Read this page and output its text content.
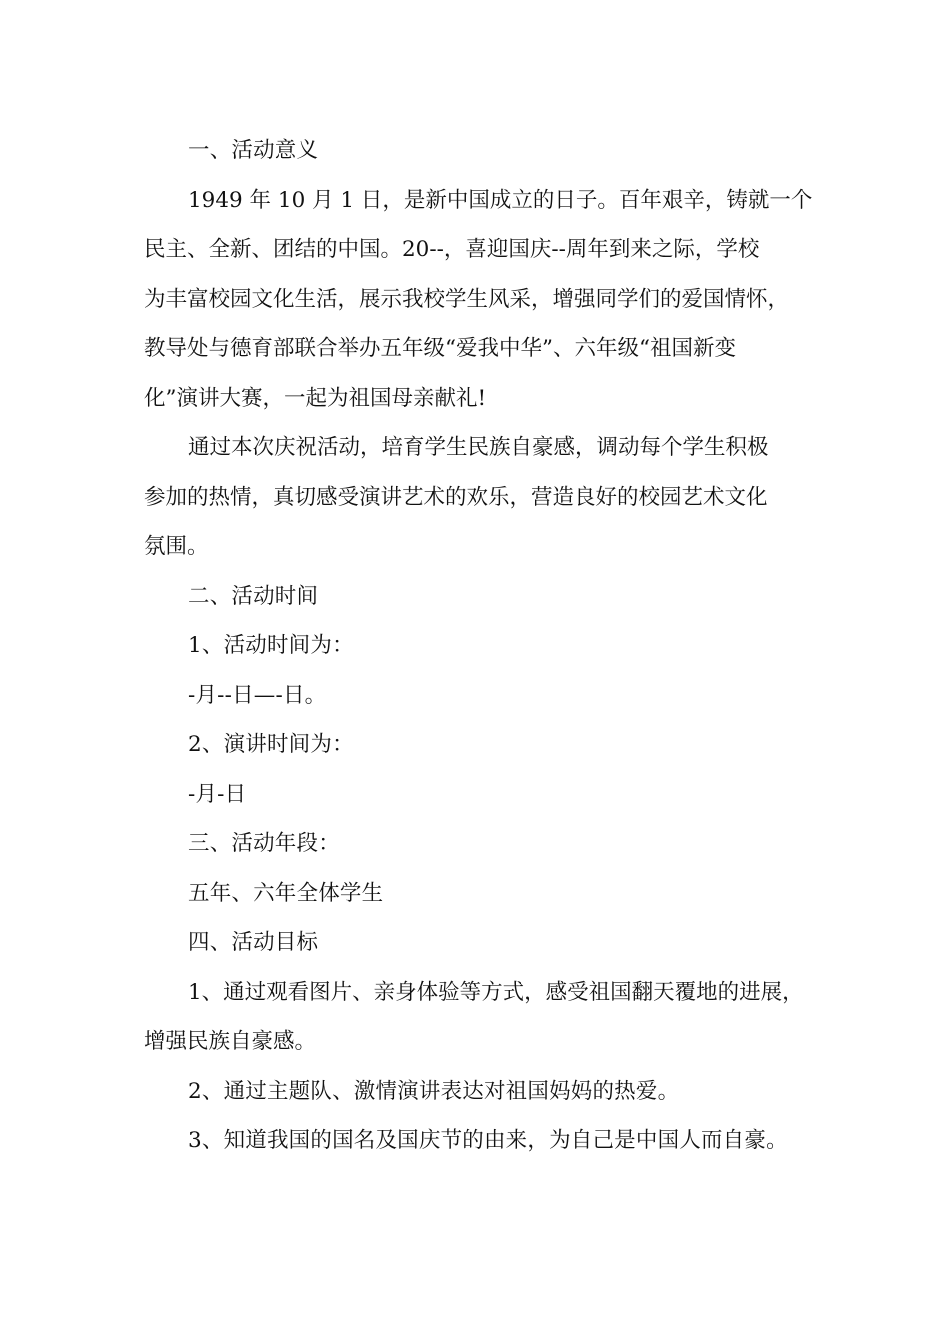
一、活动意义

1949 年 10 月 1 日，是新中国成立的日子。百年艰辛，铸就一个
民主、全新、团结的中国。20--，喜迎国庆--周年到来之际，学校
为丰富校园文化生活，展示我校学生风采，增强同学们的爱国情怀，
教导处与德育部联合举办五年级“爱我中华”、六年级“祖国新变
化”演讲大赛，一起为祖国母亲献礼!
通过本次庆祝活动，培育学生民族自豪感，调动每个学生积极
参加的热情，真切感受演讲艺术的欢乐，营造良好的校园艺术文化
氛围。

二、活动时间

1、活动时间为：

-月--日—-日。

2、演讲时间为：

-月-日

三、活动年段：

五年、六年全体学生

四、活动目标

1、通过观看图片、亲身体验等方式，感受祖国翻天覆地的进展，
增强民族自豪感。

2、通过主题队、激情演讲表达对祖国妈妈的热爱。

3、知道我国的国名及国庆节的由来，为自己是中国人而自豪。
